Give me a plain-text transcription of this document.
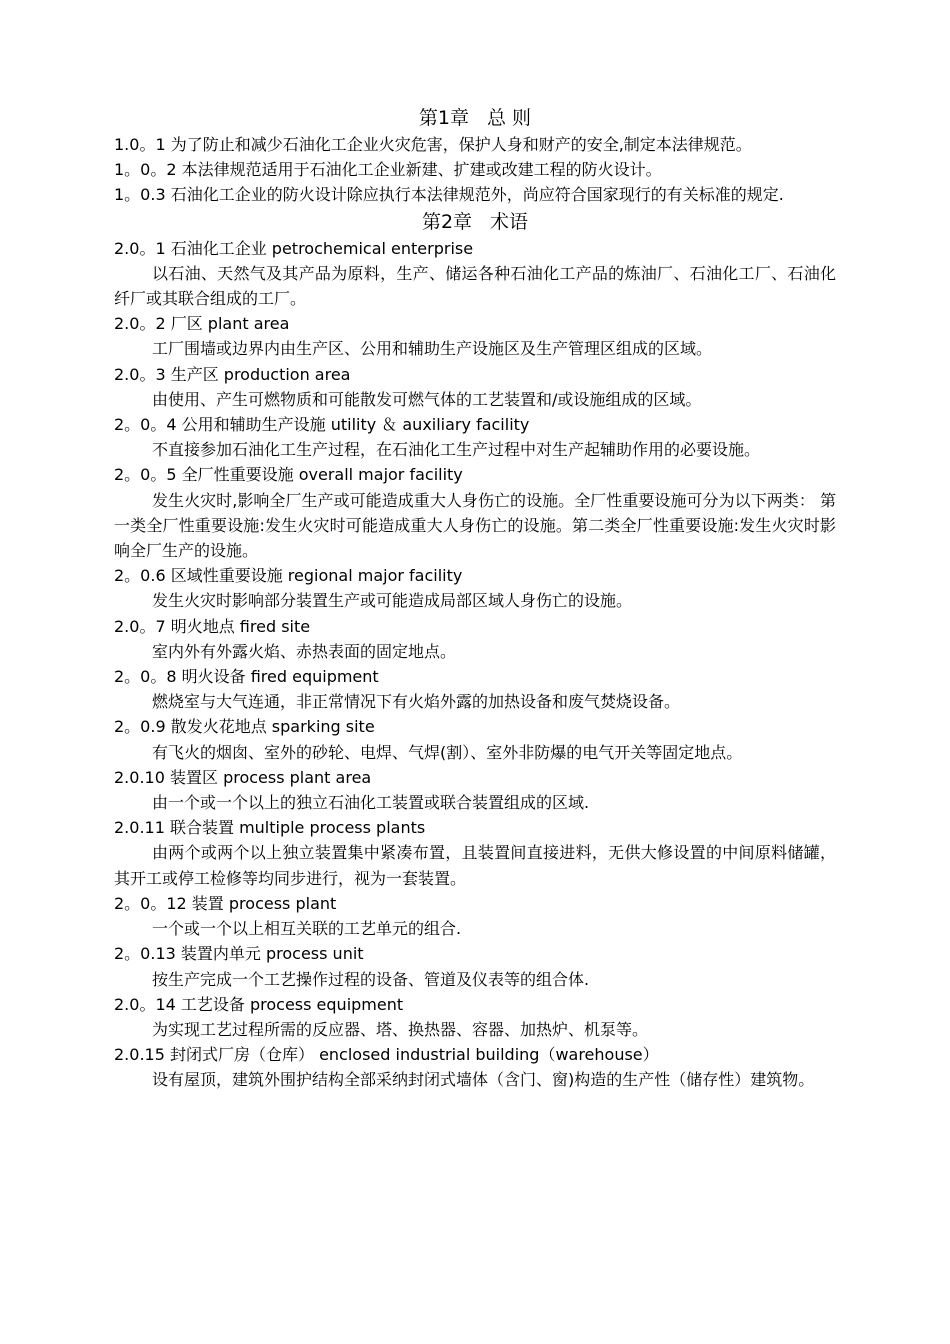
第1章 总 则

1.0。1 为了防止和减少石油化工企业火灾危害，保护人身和财产的安全,制定本法律规范。

1。0。2 本法律规范适用于石油化工企业新建、扩建或改建工程的防火设计。

1。0.3 石油化工企业的防火设计除应执行本法律规范外，尚应符合国家现行的有关标准的规定.

第2章 术语

2.0。1 石油化工企业 petrochemical enterprise

以石油、天然气及其产品为原料，生产、储运各种石油化工产品的炼油厂、石油化工厂、石油化纤厂或其联合组成的工厂。

2.0。2 厂区 plant area

工厂围墙或边界内由生产区、公用和辅助生产设施区及生产管理区组成的区域。

2.0。3 生产区 production area

由使用、产生可燃物质和可能散发可燃气体的工艺装置和/或设施组成的区域。

2。0。4 公用和辅助生产设施 utility ＆ auxiliary facility

不直接参加石油化工生产过程，在石油化工生产过程中对生产起辅助作用的必要设施。

2。0。5 全厂性重要设施 overall major facility

发生火灾时,影响全厂生产或可能造成重大人身伤亡的设施。全厂性重要设施可分为以下两类： 第一类全厂性重要设施:发生火灾时可能造成重大人身伤亡的设施。第二类全厂性重要设施:发生火灾时影响全厂生产的设施。

2。0.6 区域性重要设施 regional major facility

发生火灾时影响部分装置生产或可能造成局部区域人身伤亡的设施。

2.0。7 明火地点 fired site

室内外有外露火焰、赤热表面的固定地点。

2。0。8 明火设备 fired equipment

燃烧室与大气连通，非正常情况下有火焰外露的加热设备和废气焚烧设备。

2。0.9 散发火花地点 sparking site

有飞火的烟囱、室外的砂轮、电焊、气焊(割）、室外非防爆的电气开关等固定地点。

2.0.10 装置区 process plant area

由一个或一个以上的独立石油化工装置或联合装置组成的区域.

2.0.11 联合装置 multiple process plants

由两个或两个以上独立装置集中紧凑布置，且装置间直接进料，无供大修设置的中间原料储罐，其开工或停工检修等均同步进行，视为一套装置。

2。0。12 装置 process plant

一个或一个以上相互关联的工艺单元的组合.

2。0.13 装置内单元 process unit

按生产完成一个工艺操作过程的设备、管道及仪表等的组合体.

2.0。14 工艺设备 process equipment

为实现工艺过程所需的反应器、塔、换热器、容器、加热炉、机泵等。

2.0.15 封闭式厂房（仓库） enclosed industrial building（warehouse）

设有屋顶，建筑外围护结构全部采纳封闭式墙体（含门、窗)构造的生产性（储存性）建筑物。
